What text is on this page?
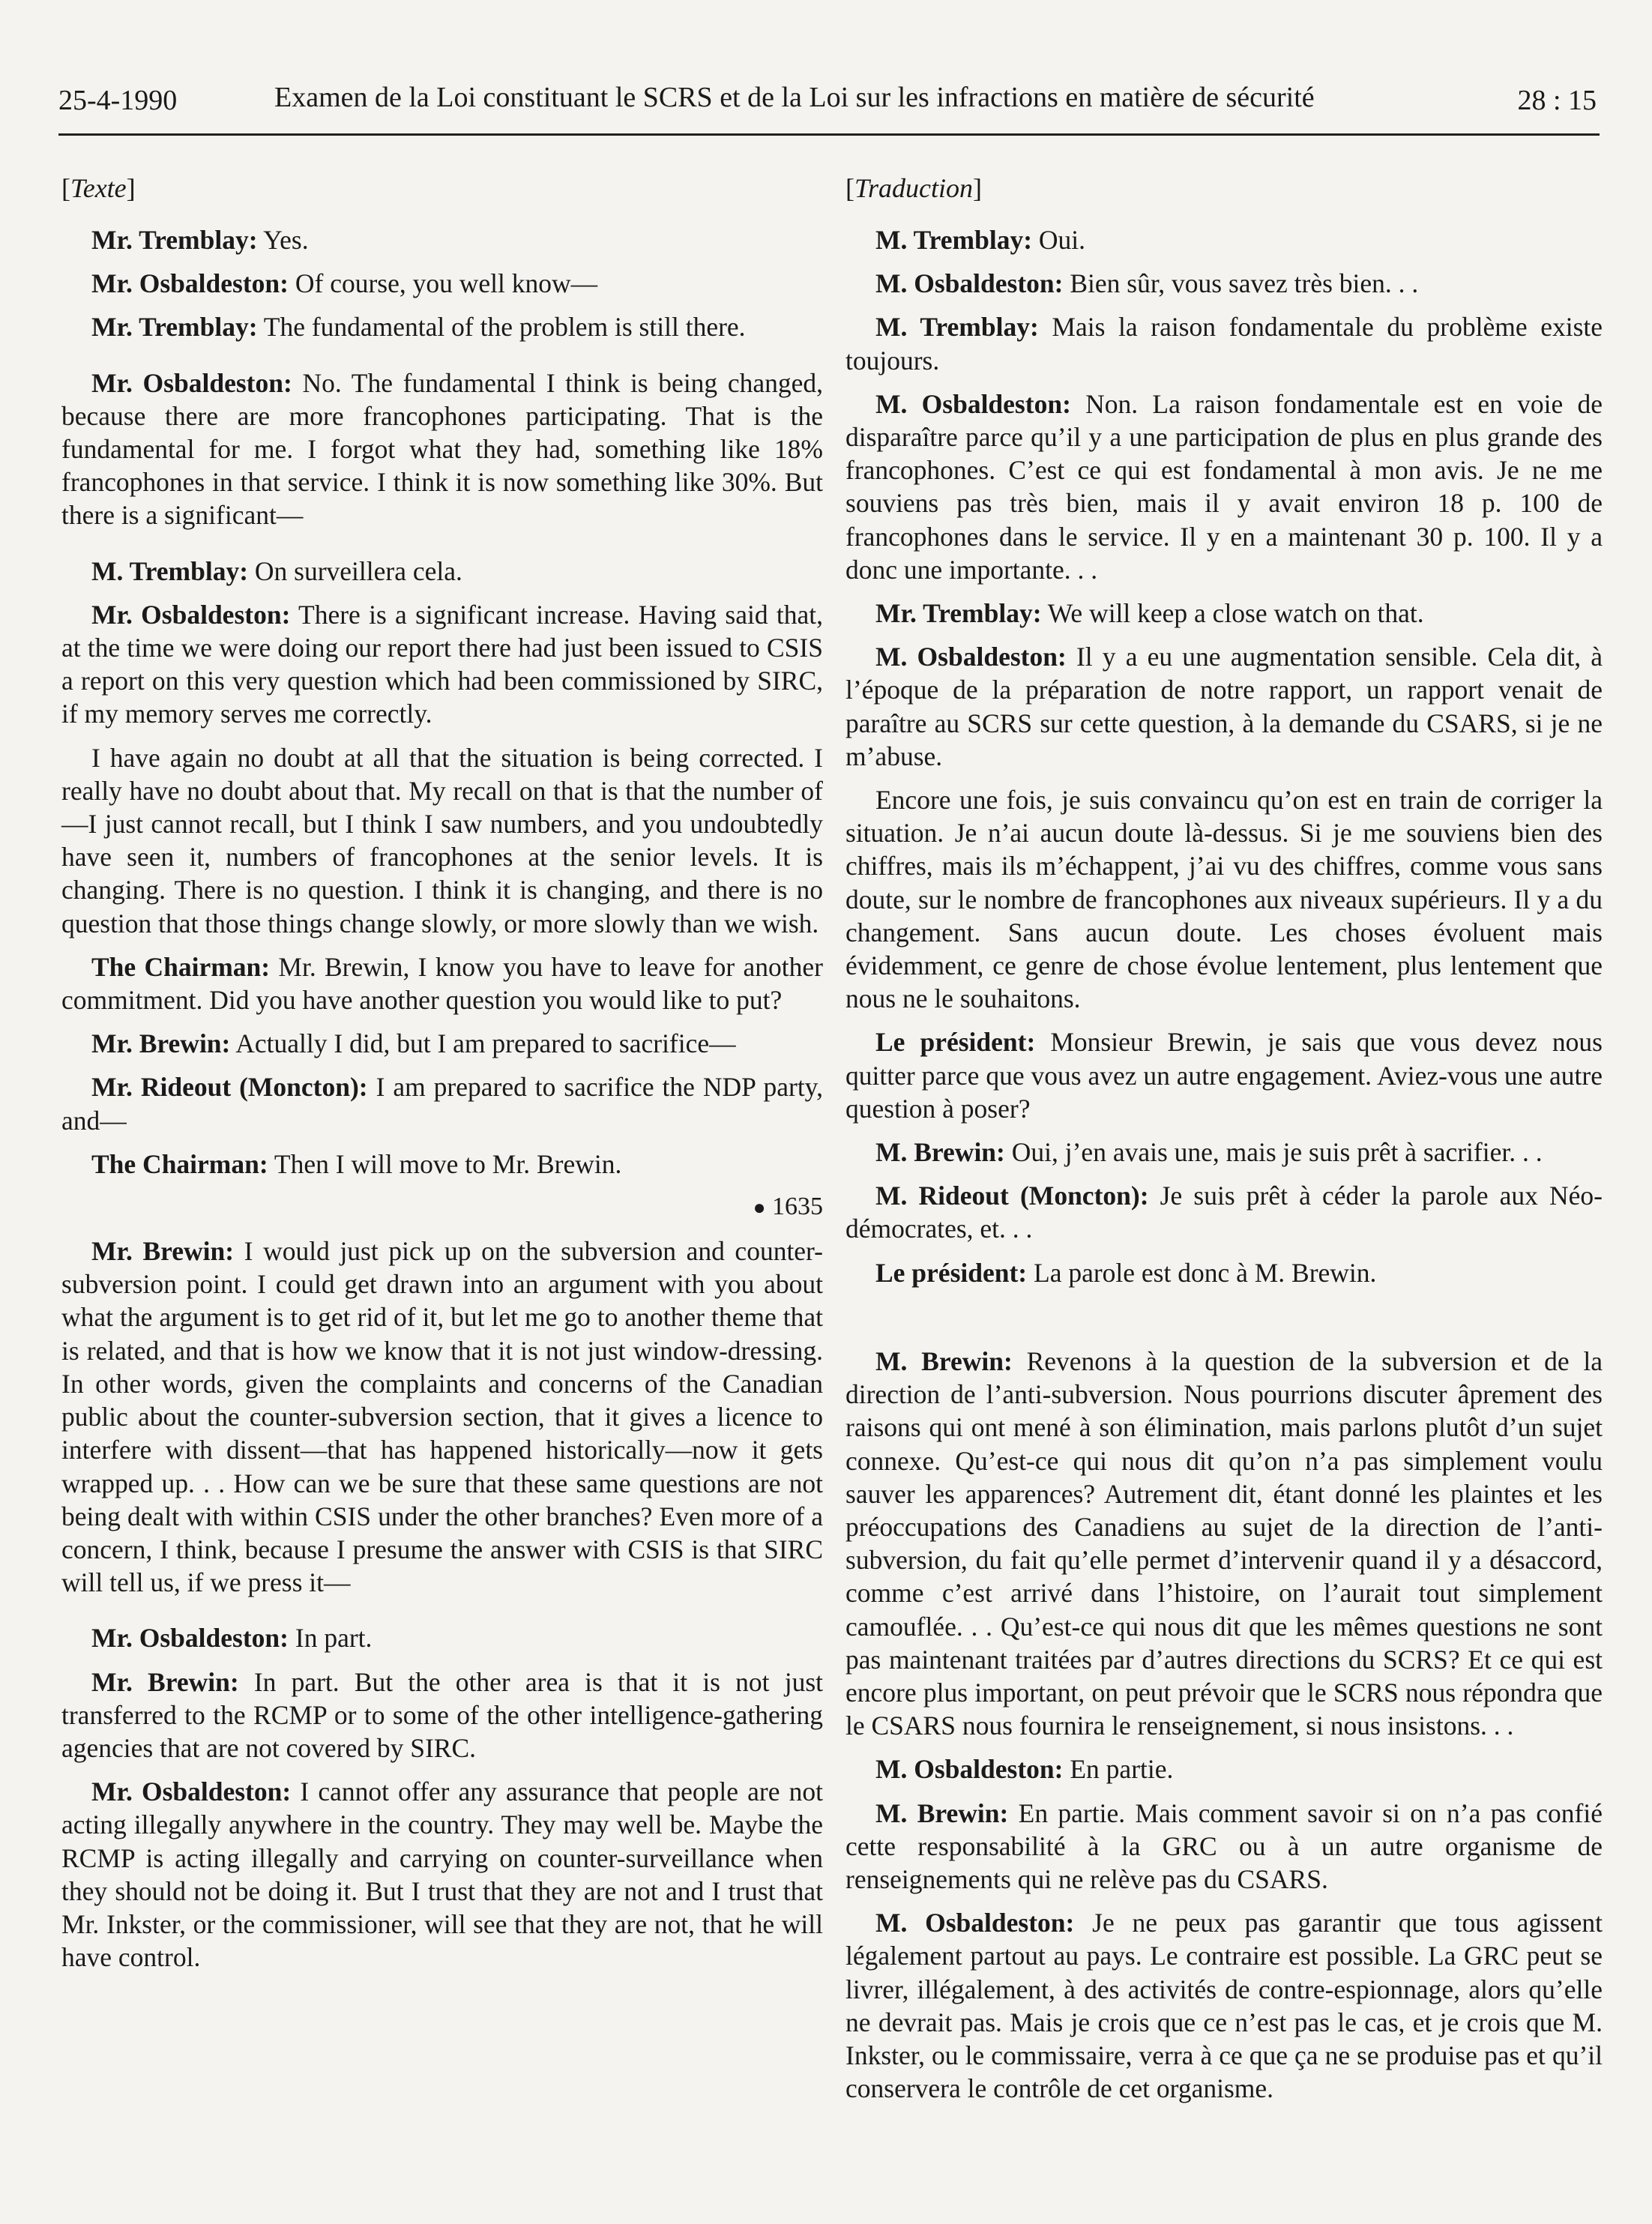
25-4-1990	Examen de la Loi constituant le SCRS et de la Loi sur les infractions en matière de sécurité	28 : 15
[Texte]

Mr. Tremblay: Yes.

Mr. Osbaldeston: Of course, you well know—

Mr. Tremblay: The fundamental of the problem is still there.

Mr. Osbaldeston: No. The fundamental I think is being changed, because there are more francophones participating. That is the fundamental for me. I forgot what they had, something like 18% francophones in that service. I think it is now something like 30%. But there is a significant—

M. Tremblay: On surveillera cela.

Mr. Osbaldeston: There is a significant increase. Having said that, at the time we were doing our report there had just been issued to CSIS a report on this very question which had been commissioned by SIRC, if my memory serves me correctly.

I have again no doubt at all that the situation is being corrected. I really have no doubt about that. My recall on that is that the number of—I just cannot recall, but I think I saw numbers, and you undoubtedly have seen it, numbers of francophones at the senior levels. It is changing. There is no question. I think it is changing, and there is no question that those things change slowly, or more slowly than we wish.

The Chairman: Mr. Brewin, I know you have to leave for another commitment. Did you have another question you would like to put?

Mr. Brewin: Actually I did, but I am prepared to sacrifice—

Mr. Rideout (Moncton): I am prepared to sacrifice the NDP party, and—

The Chairman: Then I will move to Mr. Brewin.

● 1635

Mr. Brewin: I would just pick up on the subversion and counter-subversion point. I could get drawn into an argument with you about what the argument is to get rid of it, but let me go to another theme that is related, and that is how we know that it is not just window-dressing. In other words, given the complaints and concerns of the Canadian public about the counter-subversion section, that it gives a licence to interfere with dissent—that has happened historically—now it gets wrapped up. . . How can we be sure that these same questions are not being dealt with within CSIS under the other branches? Even more of a concern, I think, because I presume the answer with CSIS is that SIRC will tell us, if we press it—

Mr. Osbaldeston: In part.

Mr. Brewin: In part. But the other area is that it is not just transferred to the RCMP or to some of the other intelligence-gathering agencies that are not covered by SIRC.

Mr. Osbaldeston: I cannot offer any assurance that people are not acting illegally anywhere in the country. They may well be. Maybe the RCMP is acting illegally and carrying on counter-surveillance when they should not be doing it. But I trust that they are not and I trust that Mr. Inkster, or the commissioner, will see that they are not, that he will have control.

[Traduction]

M. Tremblay: Oui.

M. Osbaldeston: Bien sûr, vous savez très bien. . .

M. Tremblay: Mais la raison fondamentale du problème existe toujours.

M. Osbaldeston: Non. La raison fondamentale est en voie de disparaître parce qu’il y a une participation de plus en plus grande des francophones. C’est ce qui est fondamental à mon avis. Je ne me souviens pas très bien, mais il y avait environ 18 p. 100 de francophones dans le service. Il y en a maintenant 30 p. 100. Il y a donc une importante. . .

Mr. Tremblay: We will keep a close watch on that.

M. Osbaldeston: Il y a eu une augmentation sensible. Cela dit, à l’époque de la préparation de notre rapport, un rapport venait de paraître au SCRS sur cette question, à la demande du CSARS, si je ne m’abuse.

Encore une fois, je suis convaincu qu’on est en train de corriger la situation. Je n’ai aucun doute là-dessus. Si je me souviens bien des chiffres, mais ils m’échappent, j’ai vu des chiffres, comme vous sans doute, sur le nombre de francophones aux niveaux supérieurs. Il y a du changement. Sans aucun doute. Les choses évoluent mais évidemment, ce genre de chose évolue lentement, plus lentement que nous ne le souhaitons.

Le président: Monsieur Brewin, je sais que vous devez nous quitter parce que vous avez un autre engagement. Aviez-vous une autre question à poser?

M. Brewin: Oui, j’en avais une, mais je suis prêt à sacrifier. . .

M. Rideout (Moncton): Je suis prêt à céder la parole aux Néo-démocrates, et. . .

Le président: La parole est donc à M. Brewin.

M. Brewin: Revenons à la question de la subversion et de la direction de l’anti-subversion. Nous pourrions discuter âprement des raisons qui ont mené à son élimination, mais parlons plutôt d’un sujet connexe. Qu’est-ce qui nous dit qu’on n’a pas simplement voulu sauver les apparences? Autrement dit, étant donné les plaintes et les préoccupations des Canadiens au sujet de la direction de l’anti-subversion, du fait qu’elle permet d’intervenir quand il y a désaccord, comme c’est arrivé dans l’histoire, on l’aurait tout simplement camouflée. . . Qu’est-ce qui nous dit que les mêmes questions ne sont pas maintenant traitées par d’autres directions du SCRS? Et ce qui est encore plus important, on peut prévoir que le SCRS nous répondra que le CSARS nous fournira le renseignement, si nous insistons. . .

M. Osbaldeston: En partie.

M. Brewin: En partie. Mais comment savoir si on n’a pas confié cette responsabilité à la GRC ou à un autre organisme de renseignements qui ne relève pas du CSARS.

M. Osbaldeston: Je ne peux pas garantir que tous agissent légalement partout au pays. Le contraire est possible. La GRC peut se livrer, illégalement, à des activités de contre-espionnage, alors qu’elle ne devrait pas. Mais je crois que ce n’est pas le cas, et je crois que M. Inkster, ou le commissaire, verra à ce que ça ne se produise pas et qu’il conservera le contrôle de cet organisme.
